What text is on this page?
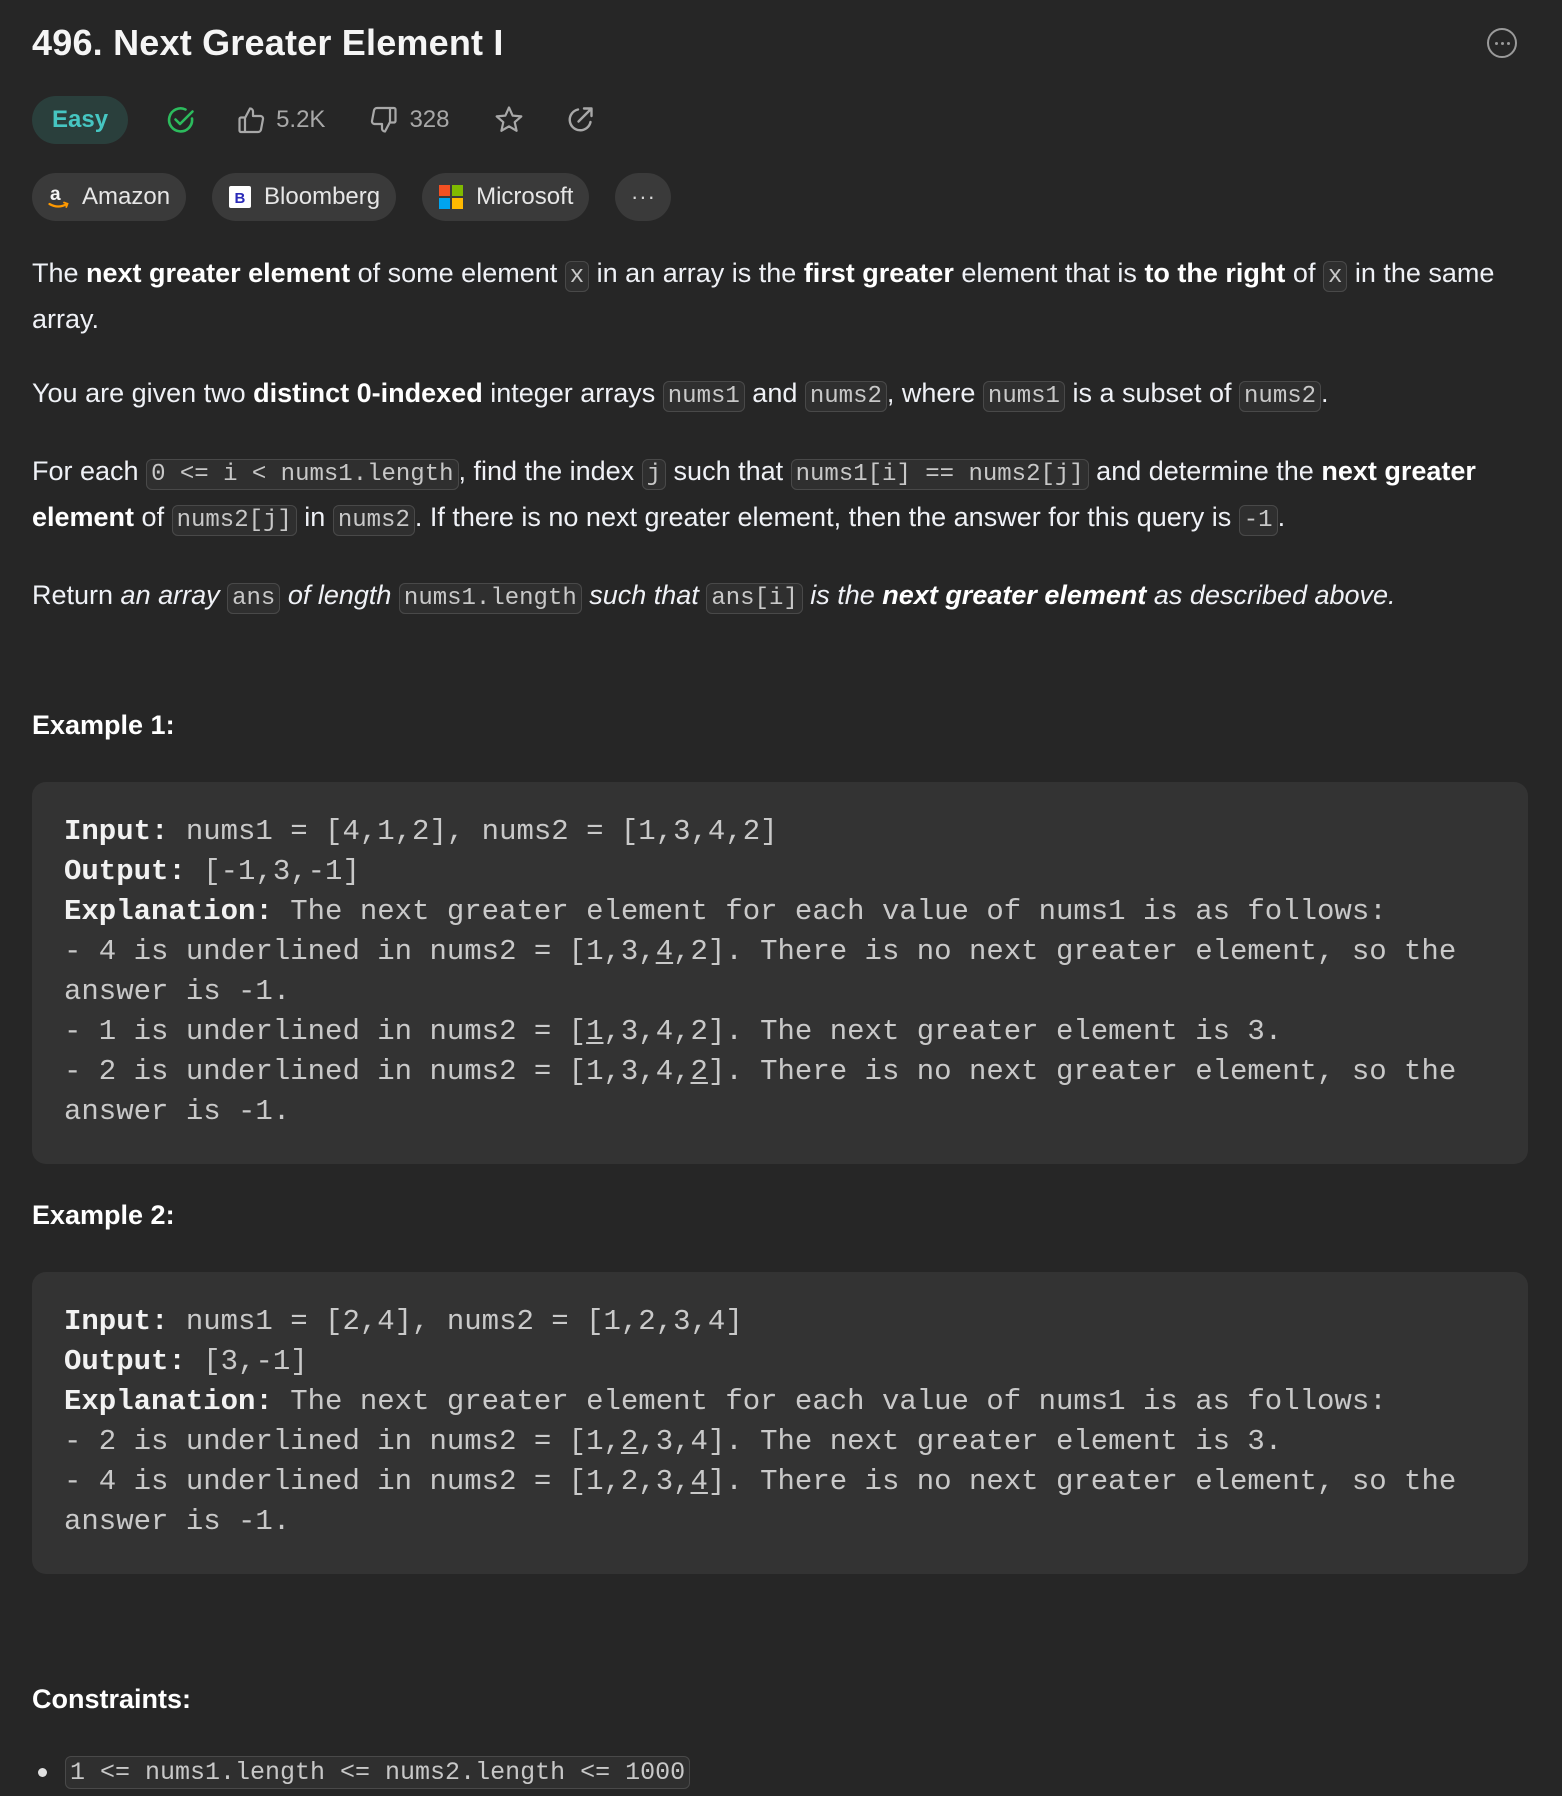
496. Next Greater Element I
Easy	5.2K	328
a Amazon	B Bloomberg	Microsoft	···

The next greater element of some element x in an array is the first greater element that is to the right of x in the same array.

You are given two distinct 0-indexed integer arrays nums1 and nums2 , where nums1 is a subset of nums2 .

For each 0 <= i < nums1.length , find the index j such that nums1[i] == nums2[j] and determine the next greater element of nums2[j] in nums2 . If there is no next greater element, then the answer for this query is -1 .

Return an array ans of length nums1.length such that ans[i] is the next greater element as described above.

Example 1:
Input: nums1 = [4,1,2], nums2 = [1,3,4,2]
Output: [-1,3,-1]
Explanation: The next greater element for each value of nums1 is as follows:
- 4 is underlined in nums2 = [1,3,4,2]. There is no next greater element, so the
answer is -1.
- 1 is underlined in nums2 = [1,3,4,2]. The next greater element is 3.
- 2 is underlined in nums2 = [1,3,4,2]. There is no next greater element, so the
answer is -1.
Example 2:
Input: nums1 = [2,4], nums2 = [1,2,3,4]
Output: [3,-1]
Explanation: The next greater element for each value of nums1 is as follows:
- 2 is underlined in nums2 = [1,2,3,4]. The next greater element is 3.
- 4 is underlined in nums2 = [1,2,3,4]. There is no next greater element, so the
answer is -1.
Constraints:
1 <= nums1.length <= nums2.length <= 1000
